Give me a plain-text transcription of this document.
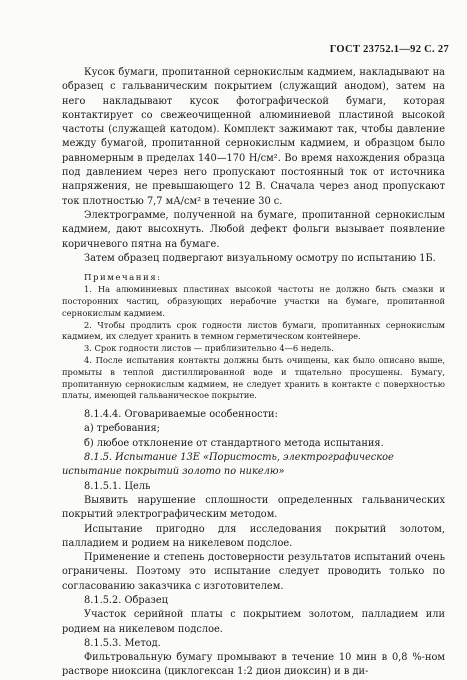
ГОСТ 23752.1—92 С. 27

Кусок бумаги, пропитанной сернокислым кадмием, накладывают на образец с гальваническим покрытием (служащий анодом), затем на него накладывают кусок фотографической бумаги, которая контактирует со свежеочищенной алюминиевой пластиной высокой частоты (служащей катодом). Комплект зажимают так, чтобы давление между бумагой, пропитанной сернокислым кадмием, и образцом было равномерным в пределах 140—170 Н/см². Во время нахождения образца под давлением через него пропускают постоянный ток от источника напряжения, не превышающего 12 В. Сначала через анод пропускают ток плотностью 7,7 мА/см² в течение 30 с.

Электрограмме, полученной на бумаге, пропитанной сернокислым кадмием, дают высохнуть. Любой дефект фольги вызывает появление коричневого пятна на бумаге.

Затем образец подвергают визуальному осмотру по испытанию 1Б.

Примечания:

1. На алюминиевых пластинах высокой частоты не должно быть смазки и посторонних частиц, образующих нерабочие участки на бумаге, пропитанной сернокислым кадмием.

2. Чтобы продлить срок годности листов бумаги, пропитанных сернокислым кадмием, их следует хранить в темном герметическом контейнере.

3. Срок годности листов — приблизительно 4—6 недель.

4. После испытания контакты должны быть очищены, как было описано выше, промыты в теплой дистиллированной воде и тщательно просушены. Бумагу, пропитанную сернокислым кадмием, не следует хранить в контакте с поверхностью платы, имеющей гальваническое покрытие.

8.1.4.4. Оговариваемые особенности:

а) требования;

б) любое отклонение от стандартного метода испытания.

8.1.5. Испытание 13Е «Пористость, электрографическое испытание покрытий золото по никелю»

8.1.5.1. Цель

Выявить нарушение сплошности определенных гальванических покрытий электрографическим методом.

Испытание пригодно для исследования покрытий золотом, палладием и родием на никелевом подслое.

Применение и степень достоверности результатов испытаний очень ограничены. Поэтому это испытание следует проводить только по согласованию заказчика с изготовителем.

8.1.5.2. Образец

Участок серийной платы с покрытием золотом, палладием или родием на никелевом подслое.

8.1.5.3. Метод.

Фильтровальную бумагу промывают в течение 10 мин в 0,8 %-ном растворе ниоксина (циклогексан 1:2 дион диоксин) и в ди-
